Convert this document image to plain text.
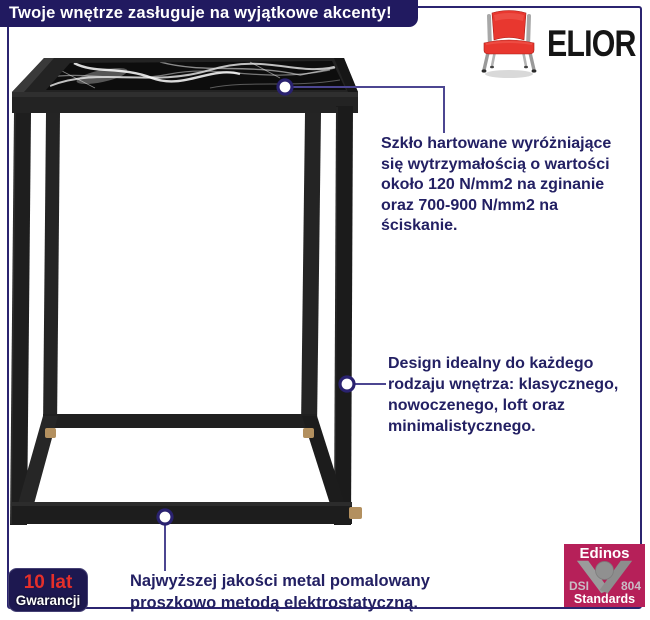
Twoje wnętrze zasługuje na wyjątkowe akcenty!
ELIOR
Szkło hartowane wyróżniające
się wytrzymałością o wartości
około 120 N/mm2 na zginanie
oraz 700-900 N/mm2 na
ściskanie.
Design idealny do każdego
rodzaju wnętrza: klasycznego,
nowoczenego, loft oraz
minimalistycznego.
Najwyższej jakości metal pomalowany
proszkowo metodą elektrostatyczną.
10 lat
Gwarancji
Edinos
DSI	804
Standards
